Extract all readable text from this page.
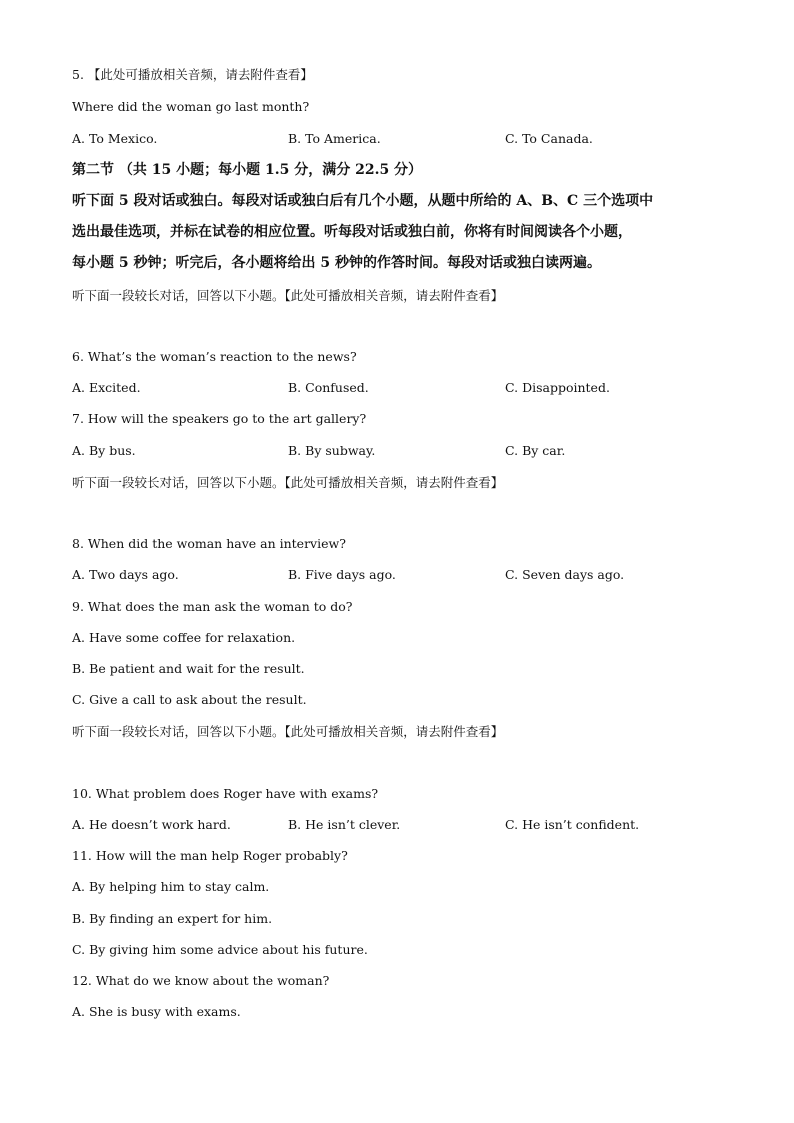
5. 【此处可播放相关音频，请去附件查看】
Where did the woman go last month?
A. To Mexico.	B. To America.	C. To Canada.
第二节 （共 15 小题；每小题 1.5 分，满分 22.5 分）
听下面 5 段对话或独白。每段对话或独白后有几个小题，从题中所给的 A、B、C 三个选项中
选出最佳选项，并标在试卷的相应位置。听每段对话或独白前，你将有时间阅读各个小题，
每小题 5 秒钟；听完后，各小题将给出 5 秒钟的作答时间。每段对话或独白读两遍。
听下面一段较长对话，回答以下小题。【此处可播放相关音频，请去附件查看】
6. What’s the woman’s reaction to the news?
A. Excited.	B. Confused.	C. Disappointed.
7. How will the speakers go to the art gallery?
A. By bus.	B. By subway.	C. By car.
听下面一段较长对话，回答以下小题。【此处可播放相关音频，请去附件查看】
8. When did the woman have an interview?
A. Two days ago.	B. Five days ago.	C. Seven days ago.
9. What does the man ask the woman to do?
A. Have some coffee for relaxation.
B. Be patient and wait for the result.
C. Give a call to ask about the result.
听下面一段较长对话，回答以下小题。【此处可播放相关音频，请去附件查看】
10. What problem does Roger have with exams?
A. He doesn’t work hard.	B. He isn’t clever.	C. He isn’t confident.
11. How will the man help Roger probably?
A. By helping him to stay calm.
B. By finding an expert for him.
C. By giving him some advice about his future.
12. What do we know about the woman?
A. She is busy with exams.
